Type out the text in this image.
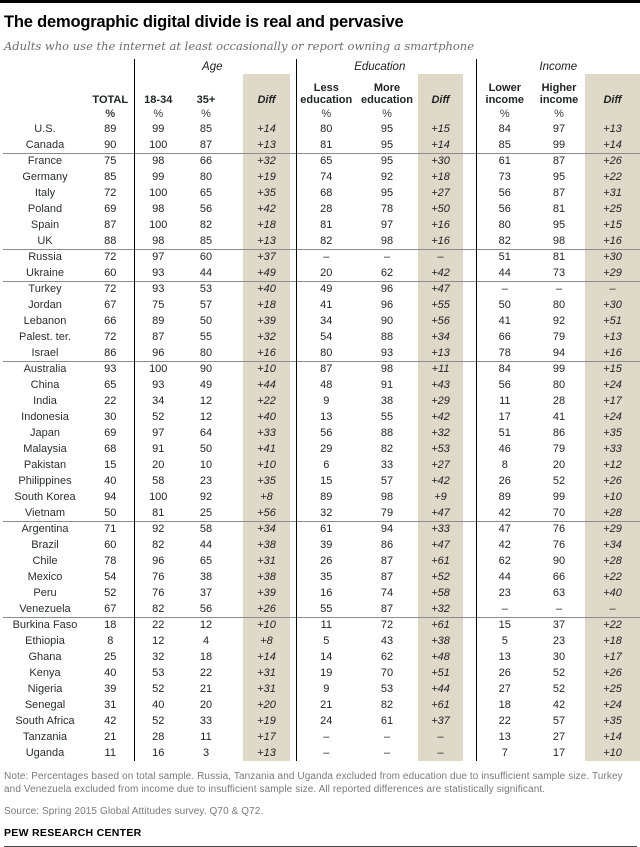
The demographic digital divide is real and pervasive
Adults who use the internet at least occasionally or report owning a smartphone
		Age					Education				Income		
	TOTAL	18-34	35+		Diff		Less education	More education	Diff		Lower income	Higher income	Diff
	%	%	%				%	%			%	%	
U.S.	89	99	85		+14		80	95	+15		84	97	+13
Canada	90	100	87		+13		81	95	+14		85	99	+14
France	75	98	66		+32		65	95	+30		61	87	+26
Germany	85	99	80		+19		74	92	+18		73	95	+22
Italy	72	100	65		+35		68	95	+27		56	87	+31
Poland	69	98	56		+42		28	78	+50		56	81	+25
Spain	87	100	82		+18		81	97	+16		80	95	+15
UK	88	98	85		+13		82	98	+16		82	98	+16
Russia	72	97	60		+37		–	–	–		51	81	+30
Ukraine	60	93	44		+49		20	62	+42		44	73	+29
Turkey	72	93	53		+40		49	96	+47		–	–	–
Jordan	67	75	57		+18		41	96	+55		50	80	+30
Lebanon	66	89	50		+39		34	90	+56		41	92	+51
Palest. ter.	72	87	55		+32		54	88	+34		66	79	+13
Israel	86	96	80		+16		80	93	+13		78	94	+16
Australia	93	100	90		+10		87	98	+11		84	99	+15
China	65	93	49		+44		48	91	+43		56	80	+24
India	22	34	12		+22		9	38	+29		11	28	+17
Indonesia	30	52	12		+40		13	55	+42		17	41	+24
Japan	69	97	64		+33		56	88	+32		51	86	+35
Malaysia	68	91	50		+41		29	82	+53		46	79	+33
Pakistan	15	20	10		+10		6	33	+27		8	20	+12
Philippines	40	58	23		+35		15	57	+42		26	52	+26
South Korea	94	100	92		+8		89	98	+9		89	99	+10
Vietnam	50	81	25		+56		32	79	+47		42	70	+28
Argentina	71	92	58		+34		61	94	+33		47	76	+29
Brazil	60	82	44		+38		39	86	+47		42	76	+34
Chile	78	96	65		+31		26	87	+61		62	90	+28
Mexico	54	76	38		+38		35	87	+52		44	66	+22
Peru	52	76	37		+39		16	74	+58		23	63	+40
Venezuela	67	82	56		+26		55	87	+32		–	–	–
Burkina Faso	18	22	12		+10		11	72	+61		15	37	+22
Ethiopia	8	12	4		+8		5	43	+38		5	23	+18
Ghana	25	32	18		+14		14	62	+48		13	30	+17
Kenya	40	53	22		+31		19	70	+51		26	52	+26
Nigeria	39	52	21		+31		9	53	+44		27	52	+25
Senegal	31	40	20		+20		21	82	+61		18	42	+24
South Africa	42	52	33		+19		24	61	+37		22	57	+35
Tanzania	21	28	11		+17		–	–	–		13	27	+14
Uganda	11	16	3		+13		–	–	–		7	17	+10
Note: Percentages based on total sample. Russia, Tanzania and Uganda excluded from education due to insufficient sample size. Turkey and Venezuela excluded from income due to insufficient sample size. All reported differences are statistically significant.
Source: Spring 2015 Global Attitudes survey. Q70 & Q72.
PEW RESEARCH CENTER
